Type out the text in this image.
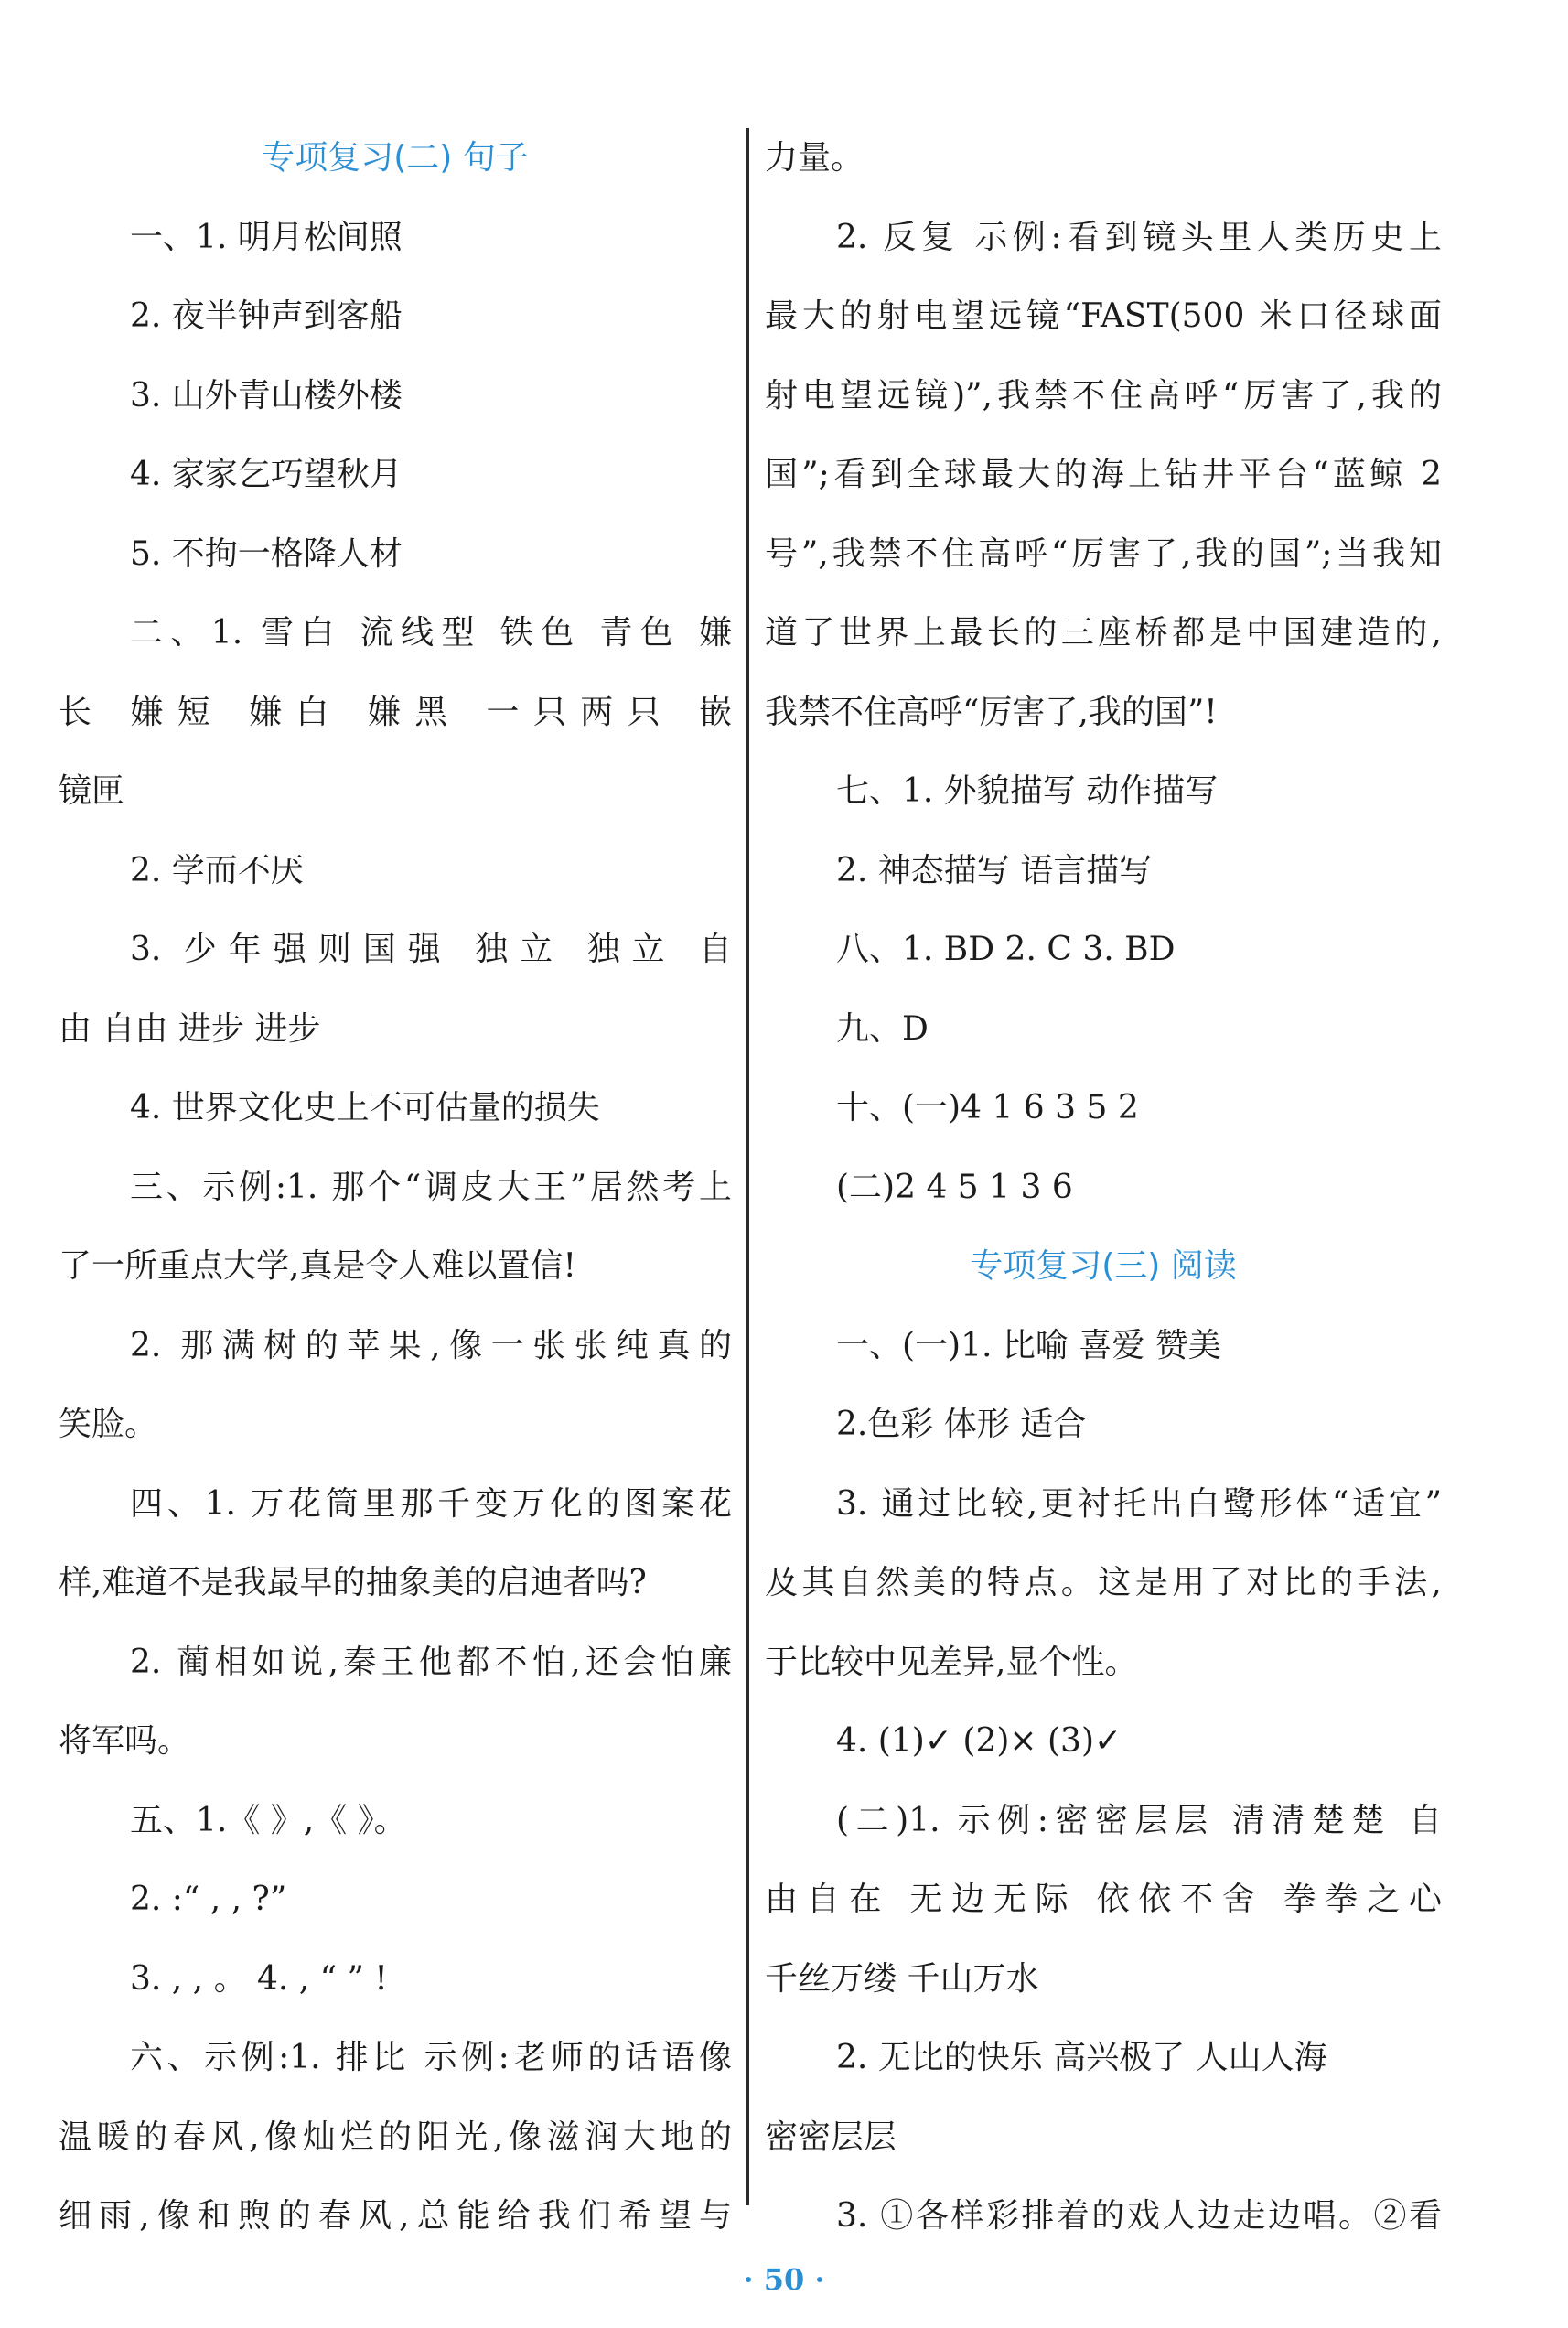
专项复习(二) 句子
一、1. 明月松间照
2. 夜半钟声到客船
3. 山外青山楼外楼
4. 家家乞巧望秋月
5. 不拘一格降人材
二、1. 雪白 流线型 铁色 青色 嫌
长 嫌短 嫌白 嫌黑 一只两只 嵌
镜匣
2. 学而不厌
3. 少年强则国强 独立 独立 自
由 自由 进步 进步
4. 世界文化史上不可估量的损失
三、示例:1. 那个“调皮大王”居然考上
了一所重点大学,真是令人难以置信!
2. 那满树的苹果,像一张张纯真的
笑脸。
四、1. 万花筒里那千变万化的图案花
样,难道不是我最早的抽象美的启迪者吗?
2. 蔺相如说,秦王他都不怕,还会怕廉
将军吗。
五、1.《 》,《 》。
2. :“ , , ?”
3. , , 。 4. , “ ” !
六、示例:1. 排比 示例:老师的话语像
温暖的春风,像灿烂的阳光,像滋润大地的
细雨,像和煦的春风,总能给我们希望与
力量。
2. 反复 示例:看到镜头里人类历史上
最大的射电望远镜“FAST(500 米口径球面
射电望远镜)”,我禁不住高呼“厉害了,我的
国”;看到全球最大的海上钻井平台“蓝鲸 2
号”,我禁不住高呼“厉害了,我的国”;当我知
道了世界上最长的三座桥都是中国建造的,
我禁不住高呼“厉害了,我的国”!
七、1. 外貌描写 动作描写
2. 神态描写 语言描写
八、1. BD 2. C 3. BD
九、D
十、(一)4 1 6 3 5 2
(二)2 4 5 1 3 6
专项复习(三) 阅读
一、(一)1. 比喻 喜爱 赞美
2.色彩 体形 适合
3. 通过比较,更衬托出白鹭形体“适宜”
及其自然美的特点。这是用了对比的手法,
于比较中见差异,显个性。
4. (1)✓ (2)× (3)✓
(二)1. 示例:密密层层 清清楚楚 自
由自在 无边无际 依依不舍 拳拳之心
千丝万缕 千山万水
2. 无比的快乐 高兴极了 人山人海
密密层层
3. ①各样彩排着的戏人边走边唱。②看
· 50 ·
